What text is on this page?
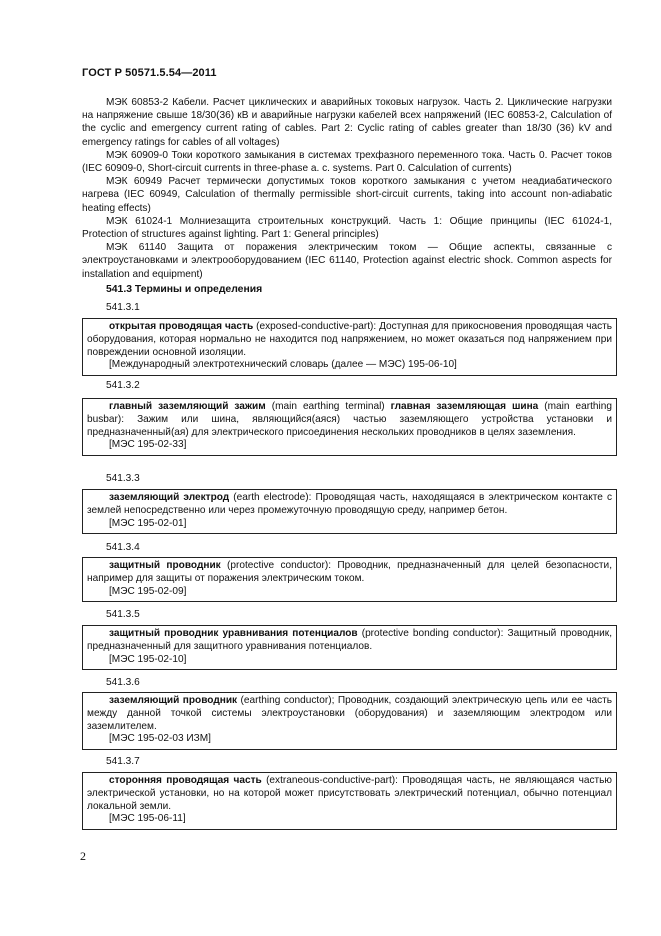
ГОСТ Р 50571.5.54—2011

МЭК 60853-2 Кабели. Расчет циклических и аварийных токовых нагрузок. Часть 2. Циклические нагрузки на напряжение свыше 18/30(36) кВ и аварийные нагрузки кабелей всех напряжений (IEC 60853-2, Calculation of the cyclic and emergency current rating of cables. Part 2: Cyclic rating of cables greater than 18/30 (36) kV and emergency ratings for cables of all voltages)

МЭК 60909-0 Токи короткого замыкания в системах трехфазного переменного тока. Часть 0. Расчет токов (IEC 60909-0, Short-circuit currents in three-phase a. c. systems. Part 0. Calculation of currents)

МЭК 60949 Расчет термически допустимых токов короткого замыкания с учетом неадиабатического нагрева (IEC 60949, Calculation of thermally permissible short-circuit currents, taking into account non-adiabatic heating effects)

МЭК 61024-1 Молниезащита строительных конструкций. Часть 1: Общие принципы (IEC 61024-1, Protection of structures against lighting. Part 1: General principles)

МЭК 61140 Защита от поражения электрическим током — Общие аспекты, связанные с электроустановками и электрооборудованием (IEC 61140, Protection against electric shock. Common aspects for installation and equipment)

541.3 Термины и определения
541.3.1

открытая проводящая часть (exposed-conductive-part): Доступная для прикосновения проводящая часть оборудования, которая нормально не находится под напряжением, но может оказаться под напряжением при повреждении основной изоляции.

[Международный электротехнический словарь (далее — МЭС) 195-06-10]

541.3.2

главный заземляющий зажим (main earthing terminal) главная заземляющая шина (main earthing busbar): Зажим или шина, являющийся(аяся) частью заземляющего устройства установки и предназначенный(ая) для электрического присоединения нескольких проводников в целях заземления.

[МЭС 195-02-33]

541.3.3

заземляющий электрод (earth electrode): Проводящая часть, находящаяся в электрическом контакте с землей непосредственно или через промежуточную проводящую среду, например бетон.

[МЭС 195-02-01]

541.3.4

защитный проводник (protective conductor): Проводник, предназначенный для целей безопасности, например для защиты от поражения электрическим током.

[МЭС 195-02-09]

541.3.5

защитный проводник уравнивания потенциалов (protective bonding conductor): Защитный проводник, предназначенный для защитного уравнивания потенциалов.

[МЭС 195-02-10]

541.3.6

заземляющий проводник (earthing conductor); Проводник, создающий электрическую цепь или ее часть между данной точкой системы электроустановки (оборудования) и заземляющим электродом или заземлителем.

[МЭС 195-02-03 ИЗМ]

541.3.7

сторонняя проводящая часть (extraneous-conductive-part): Проводящая часть, не являющаяся частью электрической установки, но на которой может присутствовать электрический потенциал, обычно потенциал локальной земли.

[МЭС 195-06-11]

2
